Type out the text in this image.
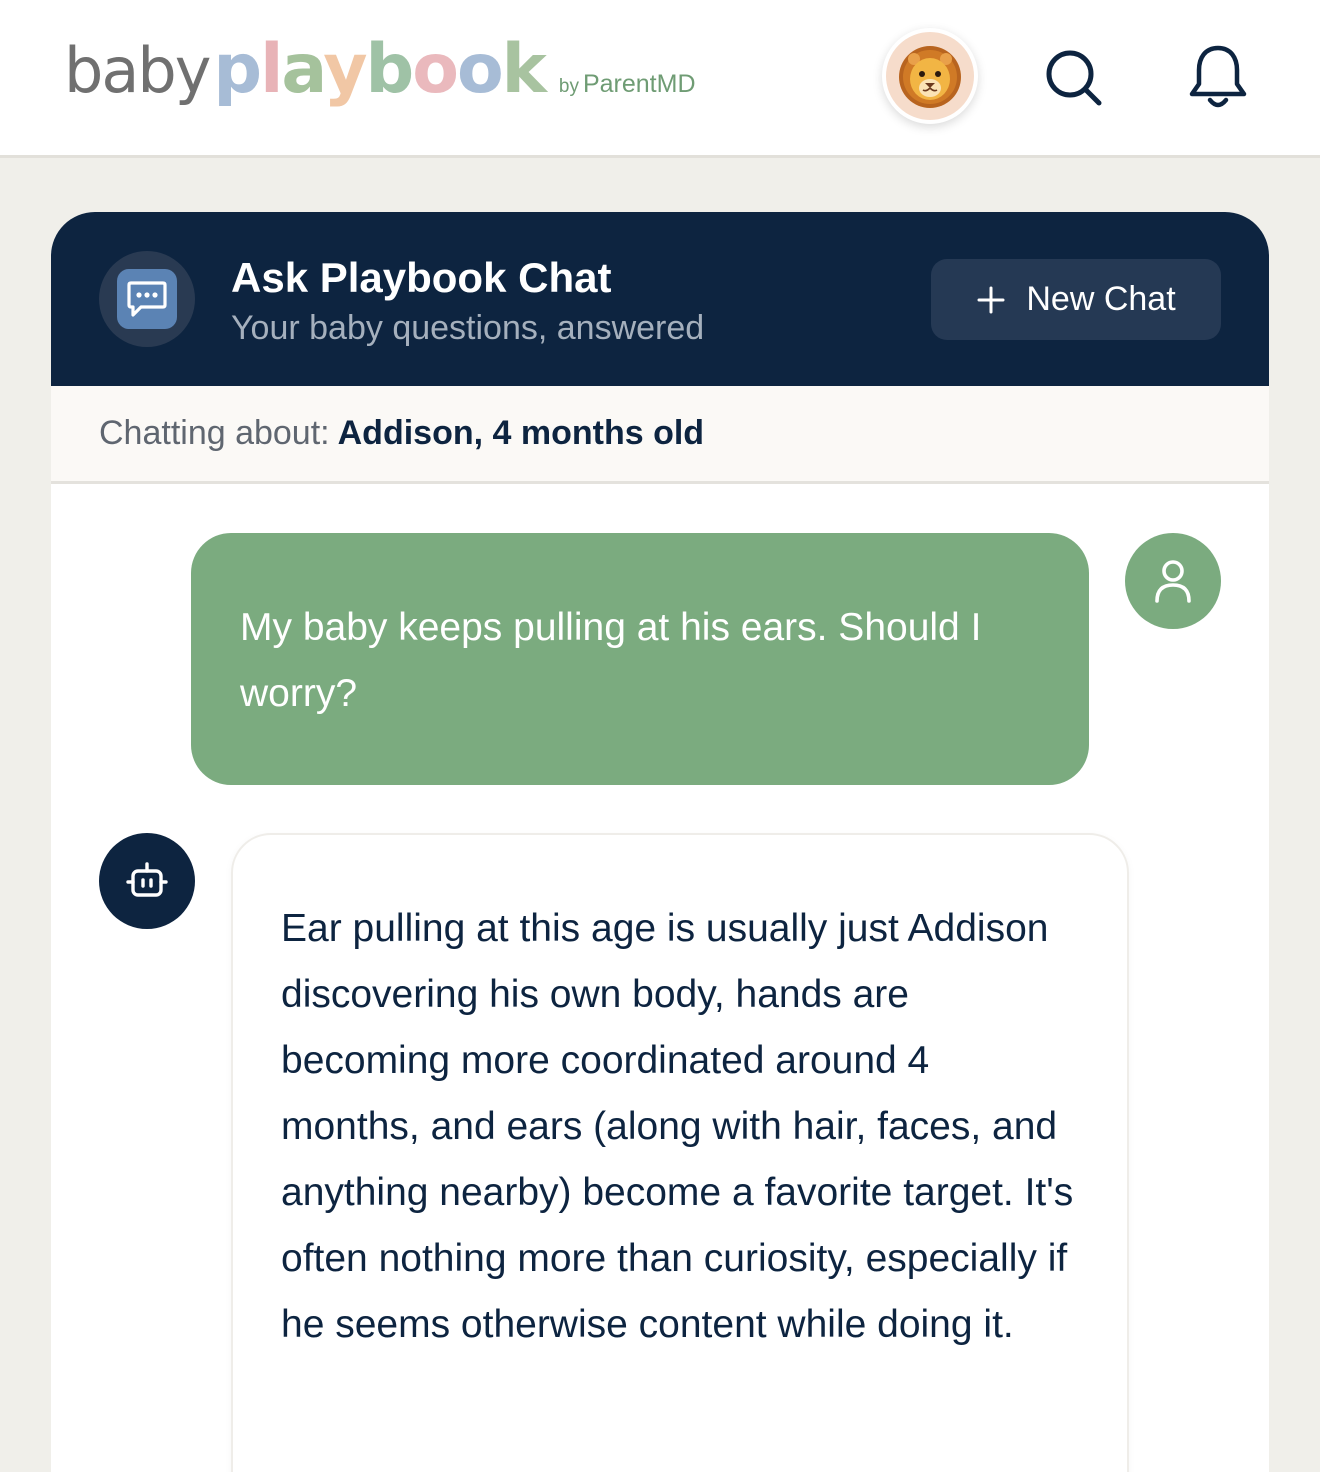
baby playbook by ParentMD
Ask Playbook Chat
Your baby questions, answered
New Chat
Chatting about: Addison, 4 months old
My baby keeps pulling at his ears. Should I worry?
Ear pulling at this age is usually just Addison discovering his own body, hands are becoming more coordinated around 4 months, and ears (along with hair, faces, and anything nearby) become a favorite target. It's often nothing more than curiosity, especially if he seems otherwise content while doing it.
